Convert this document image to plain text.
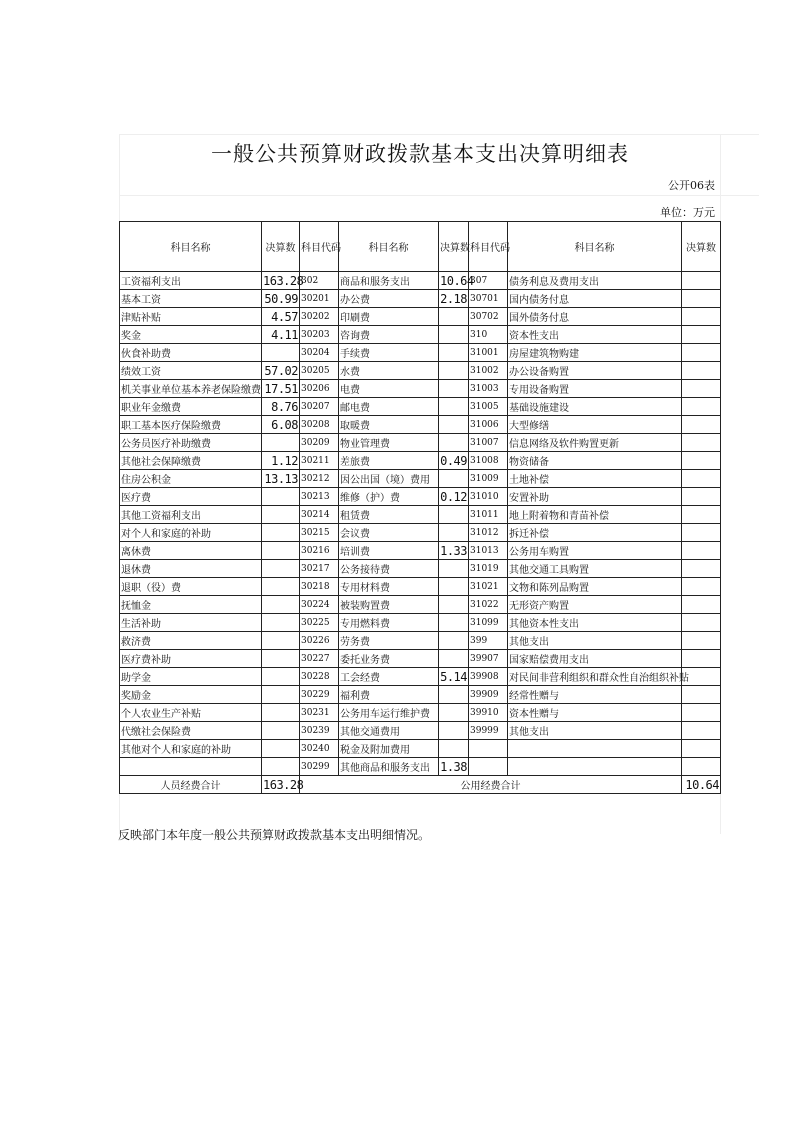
一般公共预算财政拨款基本支出决算明细表
公开06表
单位：万元
科目名称	决算数	科目代码	科目名称	决算数	科目代码	科目名称	决算数
工资福利支出	163.28	302	商品和服务支出	10.64	307	债务利息及费用支出	
基本工资	50.99	30201	办公费	2.18	30701	国内债务付息	
津贴补贴	4.57	30202	印刷费		30702	国外债务付息	
奖金	4.11	30203	咨询费		310	资本性支出	
伙食补助费		30204	手续费		31001	房屋建筑物购建	
绩效工资	57.02	30205	水费		31002	办公设备购置	
机关事业单位基本养老保险缴费	17.51	30206	电费		31003	专用设备购置	
职业年金缴费	8.76	30207	邮电费		31005	基础设施建设	
职工基本医疗保险缴费	6.08	30208	取暖费		31006	大型修缮	
公务员医疗补助缴费		30209	物业管理费		31007	信息网络及软件购置更新	
其他社会保障缴费	1.12	30211	差旅费	0.49	31008	物资储备	
住房公积金	13.13	30212	因公出国（境）费用		31009	土地补偿	
医疗费		30213	维修（护）费	0.12	31010	安置补助	
其他工资福利支出		30214	租赁费		31011	地上附着物和青苗补偿	
对个人和家庭的补助		30215	会议费		31012	拆迁补偿	
离休费		30216	培训费	1.33	31013	公务用车购置	
退休费		30217	公务接待费		31019	其他交通工具购置	
退职（役）费		30218	专用材料费		31021	文物和陈列品购置	
抚恤金		30224	被装购置费		31022	无形资产购置	
生活补助		30225	专用燃料费		31099	其他资本性支出	
救济费		30226	劳务费		399	其他支出	
医疗费补助		30227	委托业务费		39907	国家赔偿费用支出	
助学金		30228	工会经费	5.14	39908	对民间非营利组织和群众性自治组织补贴	
奖励金		30229	福利费		39909	经常性赠与	
个人农业生产补贴		30231	公务用车运行维护费		39910	资本性赠与	
代缴社会保险费		30239	其他交通费用		39999	其他支出	
其他对个人和家庭的补助		30240	税金及附加费用				
		30299	其他商品和服务支出	1.38			
人员经费合计	163.28	公用经费合计					10.64
反映部门本年度一般公共预算财政拨款基本支出明细情况。
